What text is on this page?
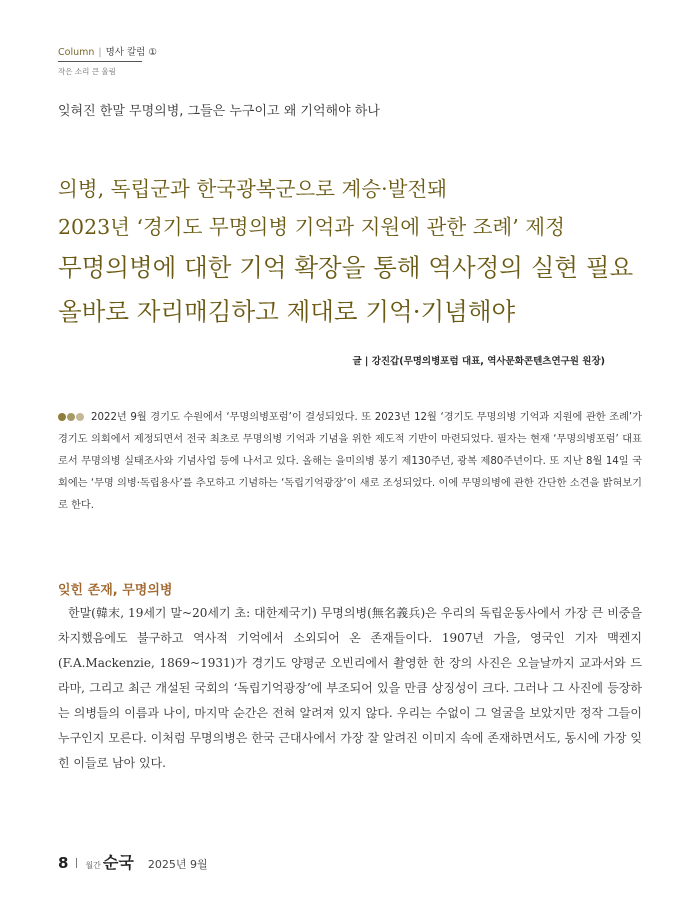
Column | 명사 칼럼 ①
작은 소리 큰 울림
잊혀진 한말 무명의병, 그들은 누구이고 왜 기억해야 하나
의병, 독립군과 한국광복군으로 계승·발전돼
2023년 ‘경기도 무명의병 기억과 지원에 관한 조례’ 제정
무명의병에 대한 기억 확장을 통해 역사정의 실현 필요
올바로 자리매김하고 제대로 기억·기념해야
글 | 강진갑(무명의병포럼 대표, 역사문화콘텐츠연구원 원장)
2022년 9월 경기도 수원에서 ‘무명의병포럼’이 결성되었다. 또 2023년 12월 ‘경기도 무명의병 기억과 지원에 관한 조례’가 경기도 의회에서 제정되면서 전국 최초로 무명의병 기억과 기념을 위한 제도적 기반이 마련되었다. 필자는 현재 ‘무명의병포럼’ 대표로서 무명의병 실태조사와 기념사업 등에 나서고 있다. 올해는 을미의병 봉기 제130주년, 광복 제80주년이다. 또 지난 8월 14일 국회에는 ‘무명 의병·독립용사’를 추모하고 기념하는 ‘독립기억광장’이 새로 조성되었다. 이에 무명의병에 관한 간단한 소견을 밝혀보기로 한다.
잊힌 존재, 무명의병
한말(韓末, 19세기 말~20세기 초: 대한제국기) 무명의병(無名義兵)은 우리의 독립운동사에서 가장 큰 비중을 차지했음에도 불구하고 역사적 기억에서 소외되어 온 존재들이다. 1907년 가을, 영국인 기자 맥켄지(F.A.Mackenzie, 1869~1931)가 경기도 양평군 오빈리에서 촬영한 한 장의 사진은 오늘날까지 교과서와 드라마, 그리고 최근 개설된 국회의 ‘독립기억광장’에 부조되어 있을 만큼 상징성이 크다. 그러나 그 사진에 등장하는 의병들의 이름과 나이, 마지막 순간은 전혀 알려져 있지 않다. 우리는 수없이 그 얼굴을 보았지만 정작 그들이 누구인지 모른다. 이처럼 무명의병은 한국 근대사에서 가장 잘 알려진 이미지 속에 존재하면서도, 동시에 가장 잊힌 이들로 남아 있다.
8 월간 순국 2025년 9월
